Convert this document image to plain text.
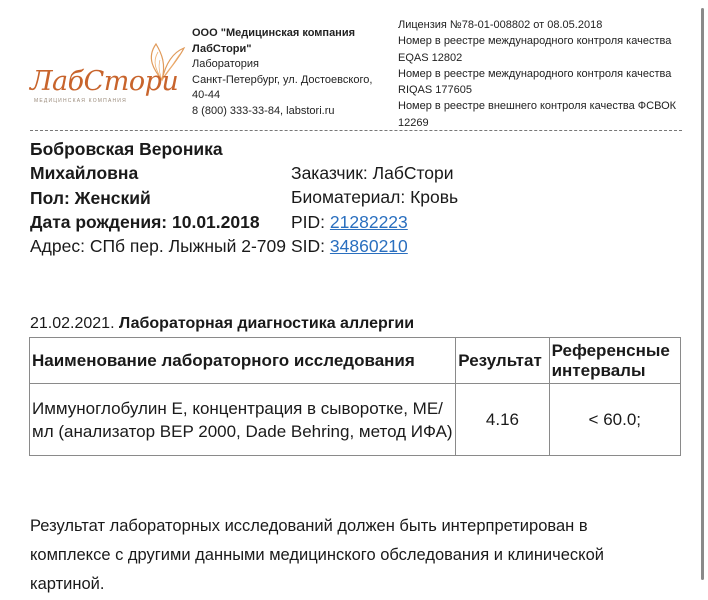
ЛабСтори
МЕДИЦИНСКАЯ КОМПАНИЯ
ООО "Медицинская компания ЛабСтори"
Лаборатория
Санкт-Петербург, ул. Достоевского, 40-44
8 (800) 333-33-84, labstori.ru
Лицензия №78-01-008802 от 08.05.2018
Номер в реестре международного контроля качества EQAS 12802
Номер в реестре международного контроля качества RIQAS 177605
Номер в реестре внешнего контроля качества ФСВОК 12269
Бобровская Вероника Михайловна
Пол: Женский
Дата рождения: 10.01.2018
Адрес: СПб пер. Лыжный 2-709
Заказчик: ЛабСтори
Биоматериал: Кровь
PID: 21282223
SID: 34860210
21.02.2021. Лабораторная диагностика аллергии
Наименование лабораторного исследования	Результат	Референсные интервалы
Иммуноглобулин Е, концентрация в сыворотке, МЕ/мл (анализатор BEP 2000, Dade Behring, метод ИФА)	4.16	< 60.0;
Результат лабораторных исследований должен быть интерпретирован в комплексе с другими данными медицинского обследования и клинической картиной.
